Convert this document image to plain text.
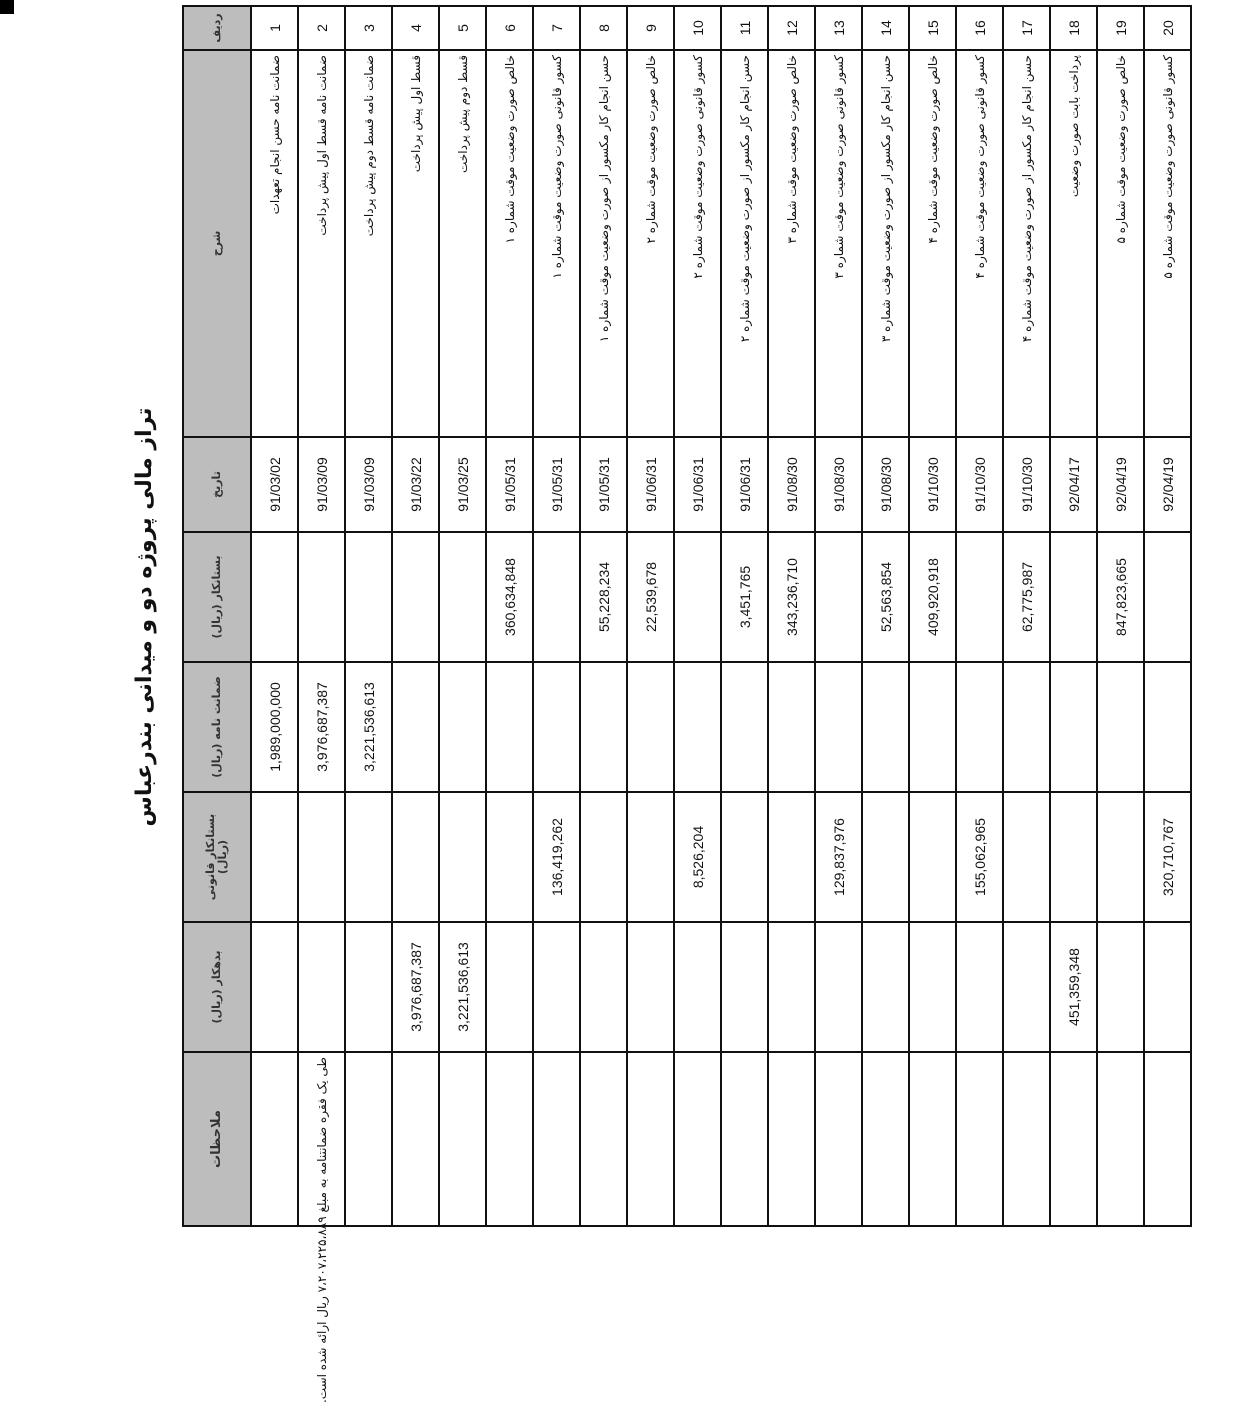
تراز مالی پروژه دو و میدانی بندرعباس
ملاحظات	بدهکار (ریال)	بستانکار قانونی (ریال)	ضمانت نامه (ریال)	بستانکار (ریال)	تاریخ	شرح	ردیف
			1,989,000,000		91/03/02	ضمانت نامه حسن انجام تعهدات	1
طی یک فقره ضمانتنامه به مبلغ ۷،۲۰۷،۲۲۵،۸۸۹ ریال ارائه شده است.			3,976,687,387		91/03/09	ضمانت نامه قسط اول پیش پرداخت	2
			3,221,536,613		91/03/09	ضمانت نامه قسط دوم پیش پرداخت	3
	3,976,687,387				91/03/22	قسط اول پیش پرداخت	4
	3,221,536,613				91/03/25	قسط دوم پیش پرداخت	5
				360,634,848	91/05/31	خالص صورت وضعیت موقت شماره ۱	6
		136,419,262			91/05/31	کسور قانونی صورت وضعیت موقت شماره ۱	7
				55,228,234	91/05/31	حسن انجام کار مکسور از صورت وضعیت موقت شماره ۱	8
				22,539,678	91/06/31	خالص صورت وضعیت موقت شماره ۲	9
		8,526,204			91/06/31	کسور قانونی صورت وضعیت موقت شماره ۲	10
				3,451,765	91/06/31	حسن انجام کار مکسور از صورت وضعیت موقت شماره ۲	11
				343,236,710	91/08/30	خالص صورت وضعیت موقت شماره ۳	12
		129,837,976			91/08/30	کسور قانونی صورت وضعیت موقت شماره ۳	13
				52,563,854	91/08/30	حسن انجام کار مکسور از صورت وضعیت موقت شماره ۳	14
				409,920,918	91/10/30	خالص صورت وضعیت موقت شماره ۴	15
		155,062,965			91/10/30	کسور قانونی صورت وضعیت موقت شماره ۴	16
				62,775,987	91/10/30	حسن انجام کار مکسور از صورت وضعیت موقت شماره ۴	17
	451,359,348				92/04/17	پرداخت بابت صورت وضعیت	18
				847,823,665	92/04/19	خالص صورت وضعیت موقت شماره ۵	19
		320,710,767			92/04/19	کسور قانونی صورت وضعیت موقت شماره ۵	20
